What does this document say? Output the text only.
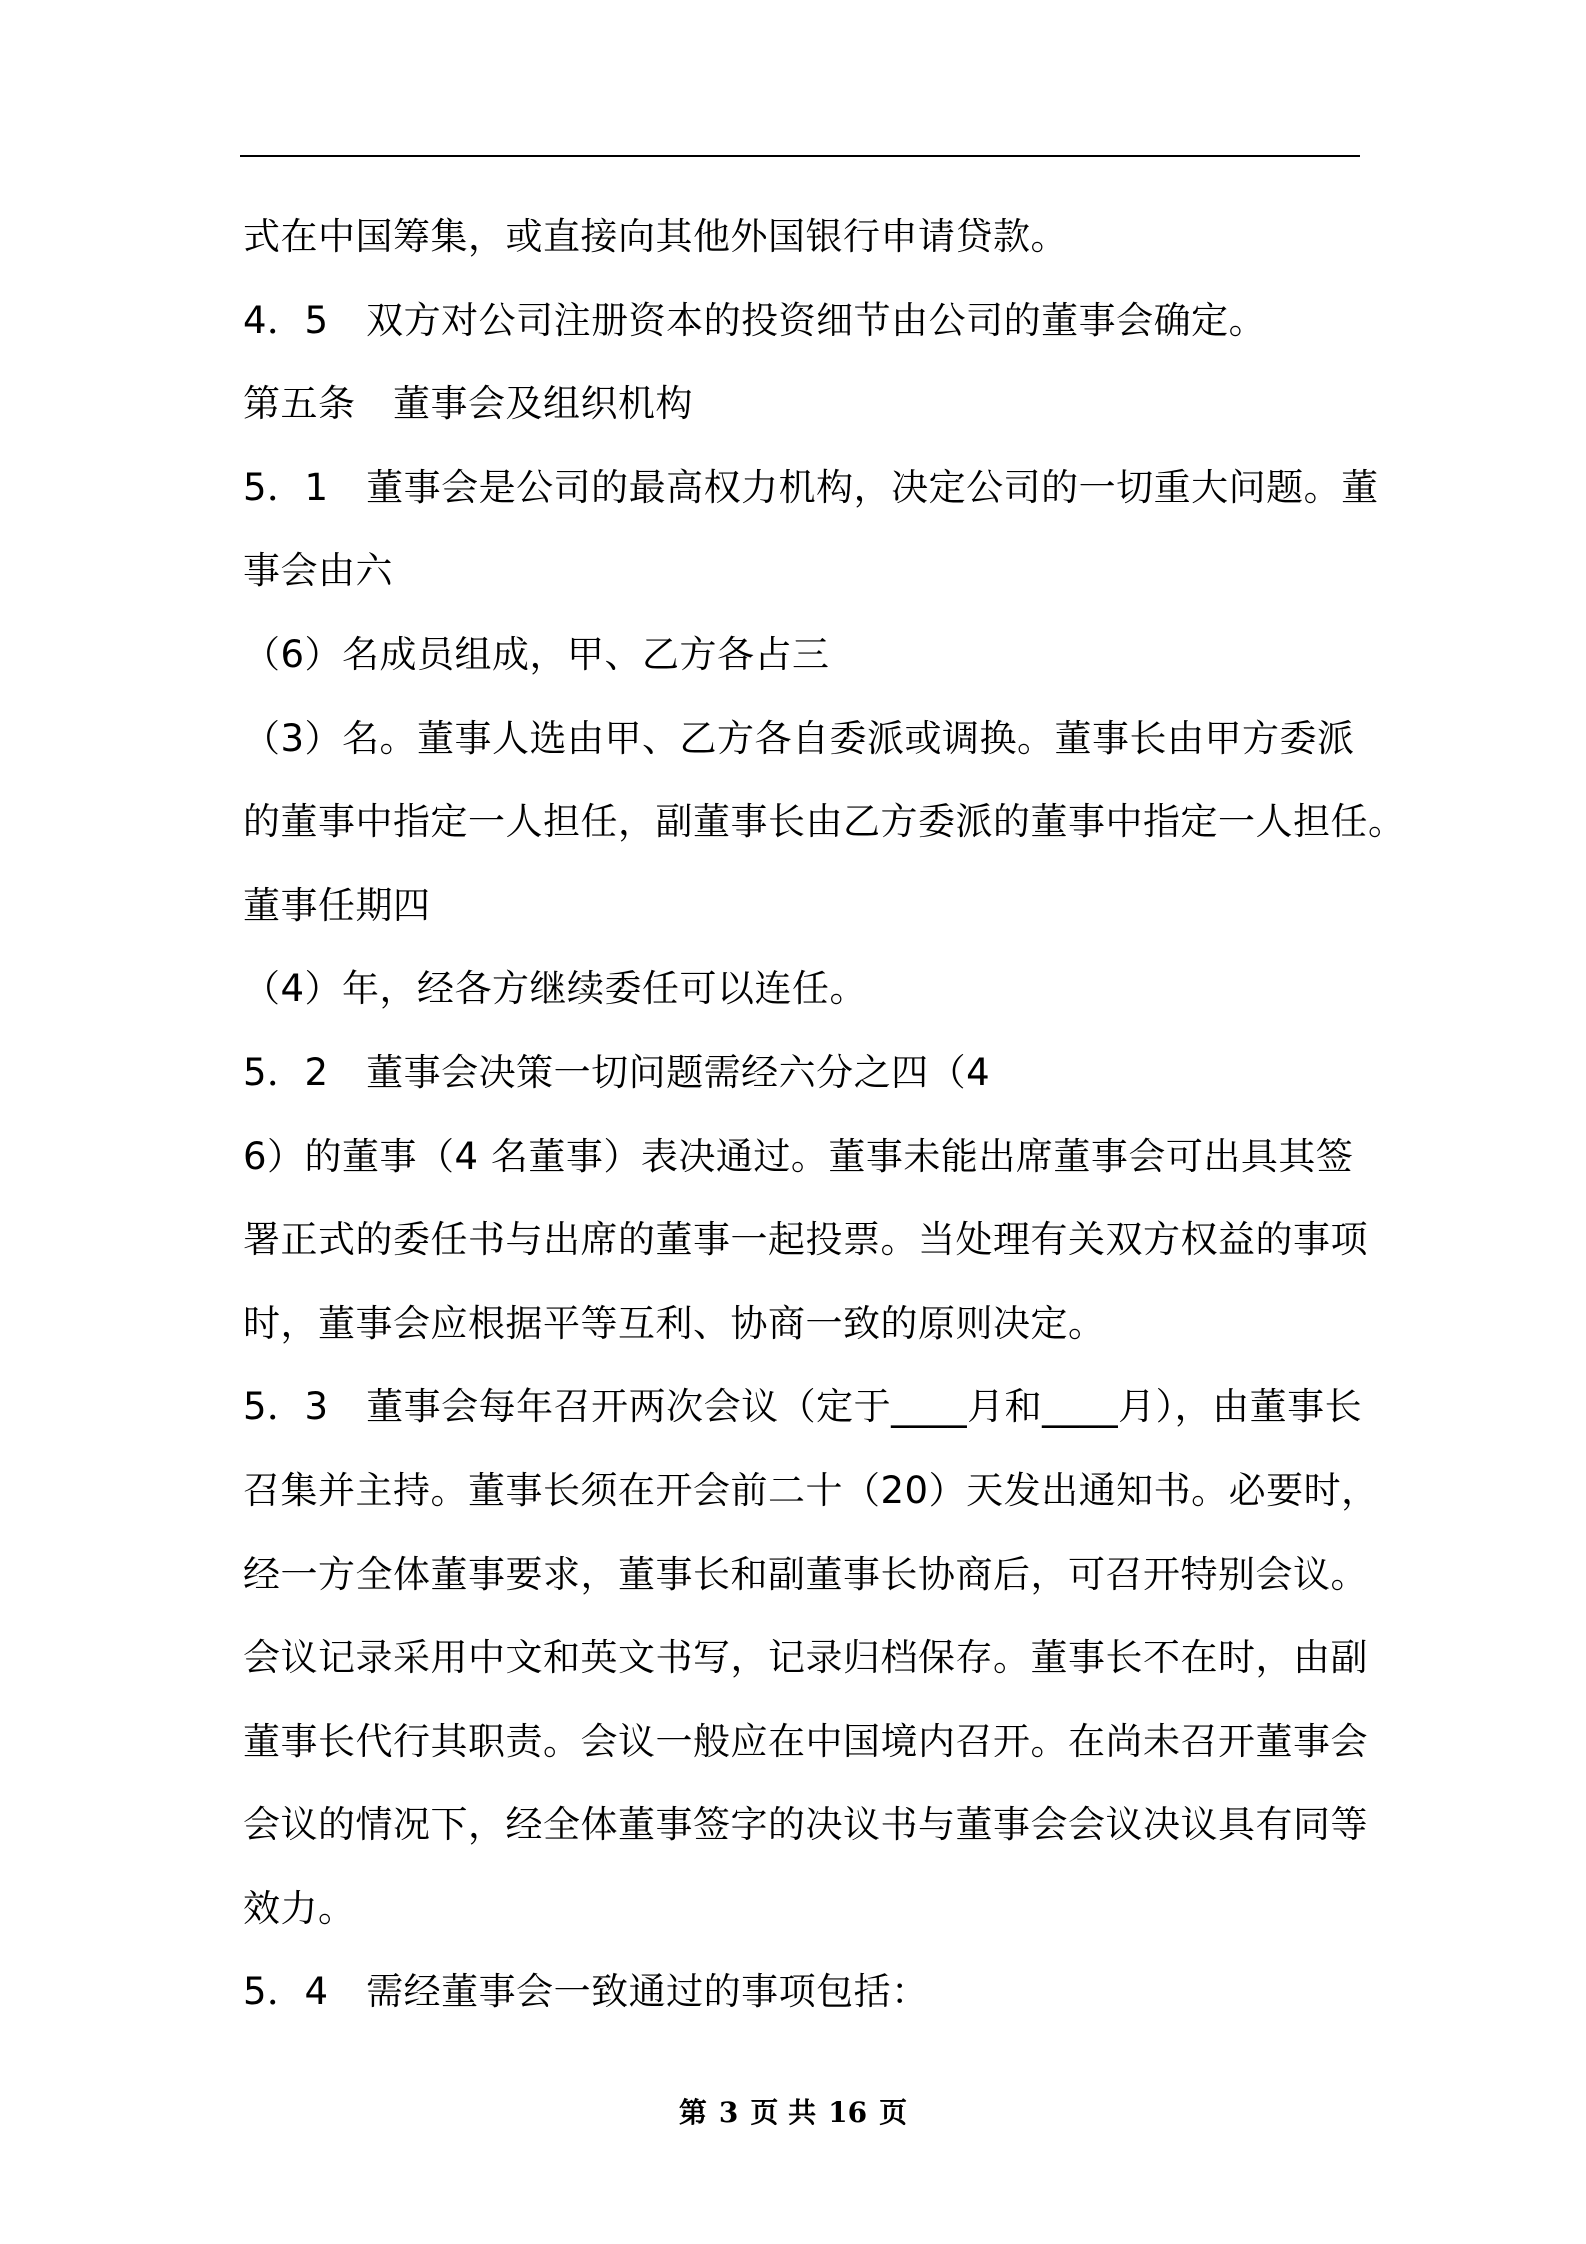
式在中国筹集，或直接向其他外国银行申请贷款。
4．5　双方对公司注册资本的投资细节由公司的董事会确定。
第五条　董事会及组织机构
5．1　董事会是公司的最高权力机构，决定公司的一切重大问题。董
事会由六
（6）名成员组成，甲、乙方各占三
（3）名。董事人选由甲、乙方各自委派或调换。董事长由甲方委派
的董事中指定一人担任，副董事长由乙方委派的董事中指定一人担任。
董事任期四
（4）年，经各方继续委任可以连任。
5．2　董事会决策一切问题需经六分之四（4
6）的董事（4 名董事）表决通过。董事未能出席董事会可出具其签
署正式的委任书与出席的董事一起投票。当处理有关双方权益的事项
时，董事会应根据平等互利、协商一致的原则决定。
5．3　董事会每年召开两次会议（定于____月和____月），由董事长
召集并主持。董事长须在开会前二十（20）天发出通知书。必要时，
经一方全体董事要求，董事长和副董事长协商后，可召开特别会议。
会议记录采用中文和英文书写，记录归档保存。董事长不在时，由副
董事长代行其职责。会议一般应在中国境内召开。在尚未召开董事会
会议的情况下，经全体董事签字的决议书与董事会会议决议具有同等
效力。
5．4　需经董事会一致通过的事项包括：
第 3 页 共 16 页
